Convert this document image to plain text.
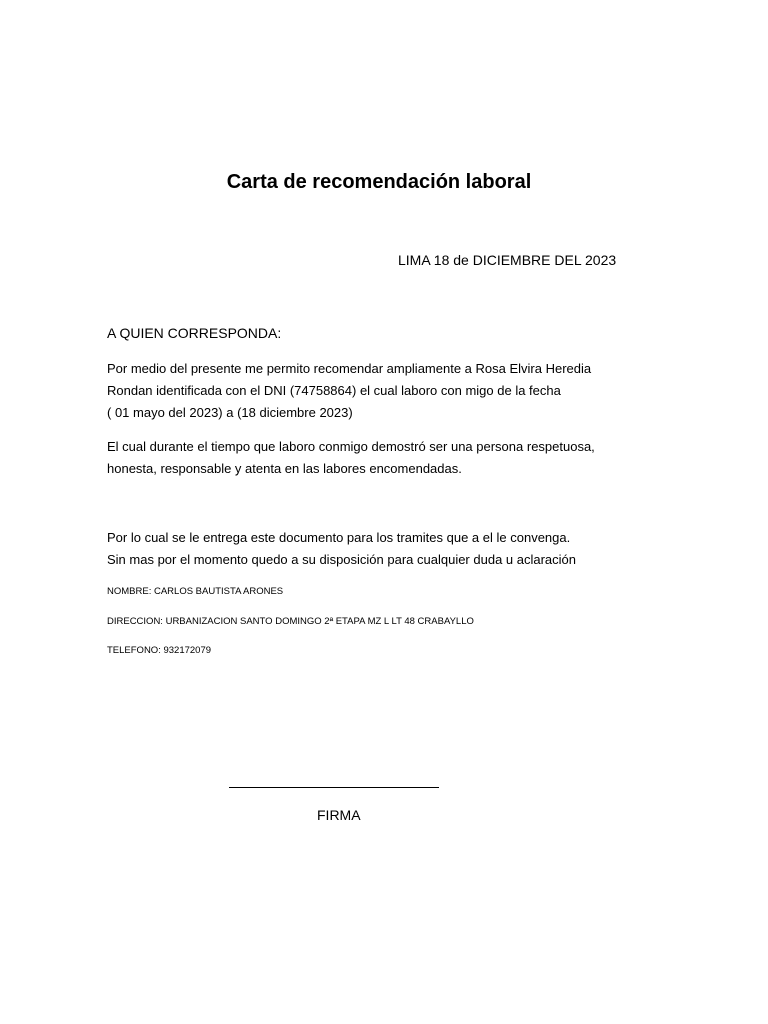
Carta de recomendación laboral
LIMA 18 de DICIEMBRE DEL 2023
A QUIEN CORRESPONDA:
Por medio del presente me permito recomendar ampliamente a Rosa Elvira Heredia
Rondan identificada con el DNI (74758864) el cual laboro con migo de la fecha
( 01 mayo del 2023) a (18 diciembre 2023)
El cual durante el tiempo que laboro conmigo demostró ser una persona respetuosa,
honesta, responsable y atenta en las labores encomendadas.
Por lo cual se le entrega este documento para los tramites que a el le convenga.
Sin mas por el momento quedo a su disposición para cualquier duda u aclaración
NOMBRE: CARLOS BAUTISTA ARONES
DIRECCION: URBANIZACION SANTO DOMINGO 2ª ETAPA MZ L LT 48 CRABAYLLO
TELEFONO: 932172079
FIRMA
